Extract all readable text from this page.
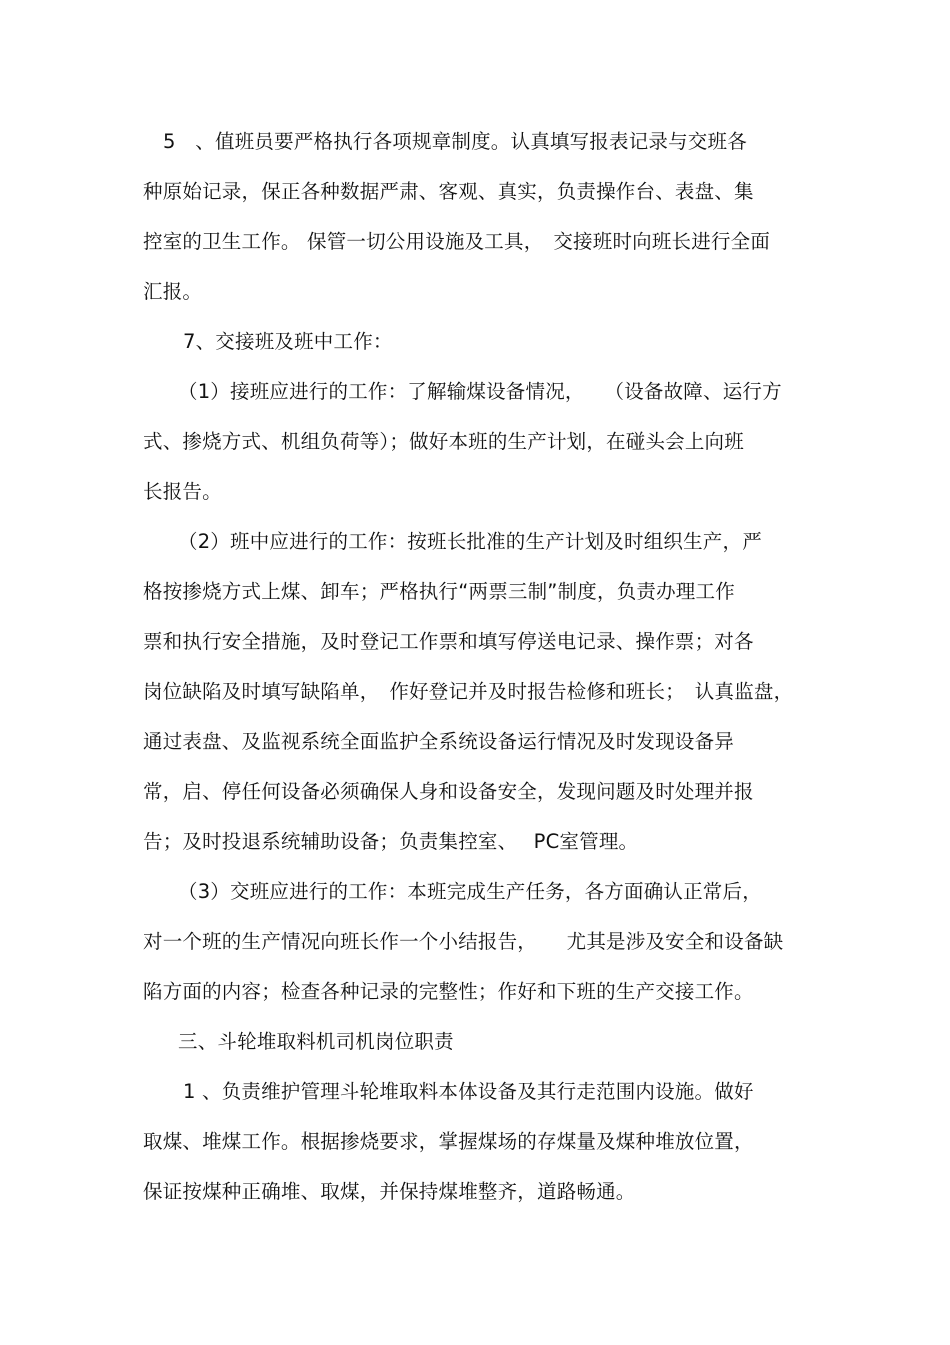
5　、值班员要严格执行各项规章制度。认真填写报表记录与交班各
种原始记录，保正各种数据严肃、客观、真实，负责操作台、表盘、集
控室的卫生工作。 保管一切公用设施及工具，　交接班时向班长进行全面
汇报。
7、交接班及班中工作：
（1）接班应进行的工作：了解输煤设备情况，　　（设备故障、运行方
式、掺烧方式、机组负荷等）；做好本班的生产计划，在碰头会上向班
长报告。
（2）班中应进行的工作：按班长批准的生产计划及时组织生产，严
格按掺烧方式上煤、卸车；严格执行“两票三制”制度，负责办理工作
票和执行安全措施，及时登记工作票和填写停送电记录、操作票；对各
岗位缺陷及时填写缺陷单，　作好登记并及时报告检修和班长；　认真监盘，
通过表盘、及监视系统全面监护全系统设备运行情况及时发现设备异
常，启、停任何设备必须确保人身和设备安全，发现问题及时处理并报
告；及时投退系统辅助设备；负责集控室、　 PC室管理。
（3）交班应进行的工作：本班完成生产任务，各方面确认正常后，
对一个班的生产情况向班长作一个小结报告，　　尤其是涉及安全和设备缺
陷方面的内容；检查各种记录的完整性；作好和下班的生产交接工作。
三、斗轮堆取料机司机岗位职责
1 、负责维护管理斗轮堆取料本体设备及其行走范围内设施。做好
取煤、堆煤工作。根据掺烧要求，掌握煤场的存煤量及煤种堆放位置，
保证按煤种正确堆、取煤，并保持煤堆整齐，道路畅通。
